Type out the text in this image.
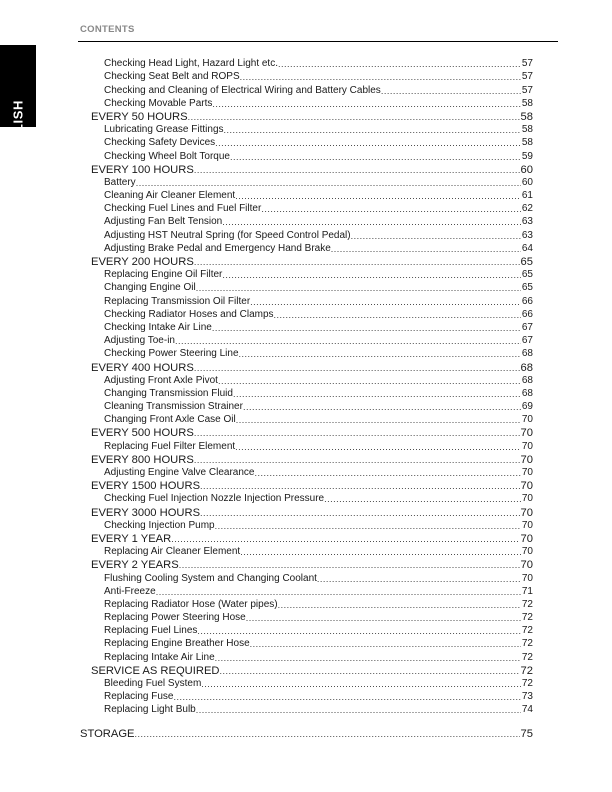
CONTENTS
ENGLISH
Checking Head Light, Hazard Light etc. .....	57
Checking Seat Belt and ROPS .....	57
Checking and Cleaning of Electrical Wiring and Battery Cables .....	57
Checking Movable Parts .....	58
EVERY 50 HOURS .....	58
Lubricating Grease Fittings .....	58
Checking Safety Devices .....	58
Checking Wheel Bolt Torque .....	59
EVERY 100 HOURS .....	60
Battery .....	60
Cleaning Air Cleaner Element .....	61
Checking Fuel Lines and Fuel Filter .....	62
Adjusting Fan Belt Tension .....	63
Adjusting HST Neutral Spring (for Speed Control Pedal) .....	63
Adjusting Brake Pedal and Emergency Hand Brake .....	64
EVERY 200 HOURS .....	65
Replacing Engine Oil Filter .....	65
Changing Engine Oil .....	65
Replacing Transmission Oil Filter .....	66
Checking Radiator Hoses and Clamps .....	66
Checking Intake Air Line .....	67
Adjusting Toe-in .....	67
Checking Power Steering Line .....	68
EVERY 400 HOURS .....	68
Adjusting Front Axle Pivot .....	68
Changing Transmission Fluid .....	68
Cleaning Transmission Strainer .....	69
Changing Front Axle Case Oil .....	70
EVERY 500 HOURS .....	70
Replacing Fuel Filter Element .....	70
EVERY 800 HOURS .....	70
Adjusting Engine Valve Clearance .....	70
EVERY 1500 HOURS .....	70
Checking Fuel Injection Nozzle Injection Pressure .....	70
EVERY 3000 HOURS .....	70
Checking Injection Pump .....	70
EVERY 1 YEAR .....	70
Replacing Air Cleaner Element .....	70
EVERY 2 YEARS .....	70
Flushing Cooling System and Changing Coolant .....	70
Anti-Freeze .....	71
Replacing Radiator Hose (Water pipes) .....	72
Replacing Power Steering Hose .....	72
Replacing Fuel Lines .....	72
Replacing Engine Breather Hose .....	72
Replacing Intake Air Line .....	72
SERVICE AS REQUIRED .....	72
Bleeding Fuel System .....	72
Replacing Fuse .....	73
Replacing Light Bulb .....	74
STORAGE .....	75
